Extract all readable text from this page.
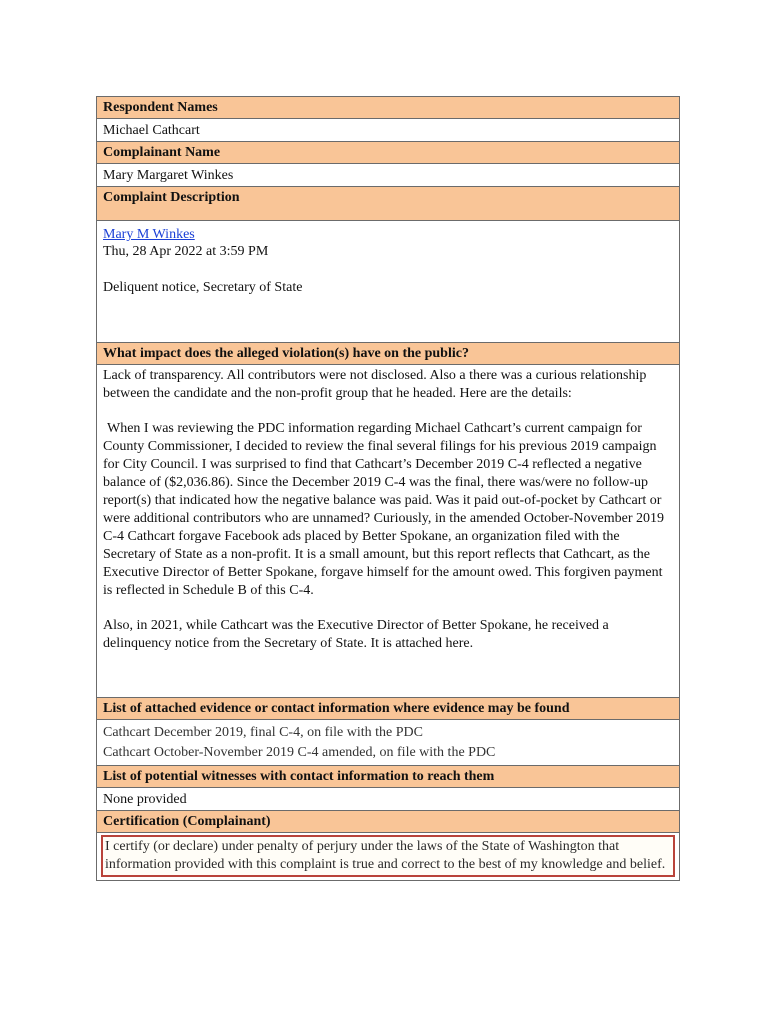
Respondent Names
Michael Cathcart
Complainant Name
Mary Margaret Winkes
Complaint Description
Mary M Winkes
Thu, 28 Apr 2022 at 3:59 PM
Deliquent notice, Secretary of State
What impact does the alleged violation(s) have on the public?

Lack of transparency. All contributors were not disclosed. Also a there was a curious relationship between the candidate and the non-profit group that he headed. Here are the details:

When I was reviewing the PDC information regarding Michael Cathcart’s current campaign for County Commissioner, I decided to review the final several filings for his previous 2019 campaign for City Council. I was surprised to find that Cathcart’s December 2019 C-4 reflected a negative balance of ($2,036.86). Since the December 2019 C-4 was the final, there was/were no follow-up report(s) that indicated how the negative balance was paid. Was it paid out-of-pocket by Cathcart or were additional contributors who are unnamed? Curiously, in the amended October-November 2019 C-4 Cathcart forgave Facebook ads placed by Better Spokane, an organization filed with the Secretary of State as a non-profit. It is a small amount, but this report reflects that Cathcart, as the Executive Director of Better Spokane, forgave himself for the amount owed. This forgiven payment is reflected in Schedule B of this C-4.

Also, in 2021, while Cathcart was the Executive Director of Better Spokane, he received a delinquency notice from the Secretary of State. It is attached here.

List of attached evidence or contact information where evidence may be found
Cathcart December 2019, final C-4, on file with the PDC
Cathcart October-November 2019 C-4 amended, on file with the PDC
List of potential witnesses with contact information to reach them
None provided
Certification (Complainant)
I certify (or declare) under penalty of perjury under the laws of the State of Washington that information provided with this complaint is true and correct to the best of my knowledge and belief.
